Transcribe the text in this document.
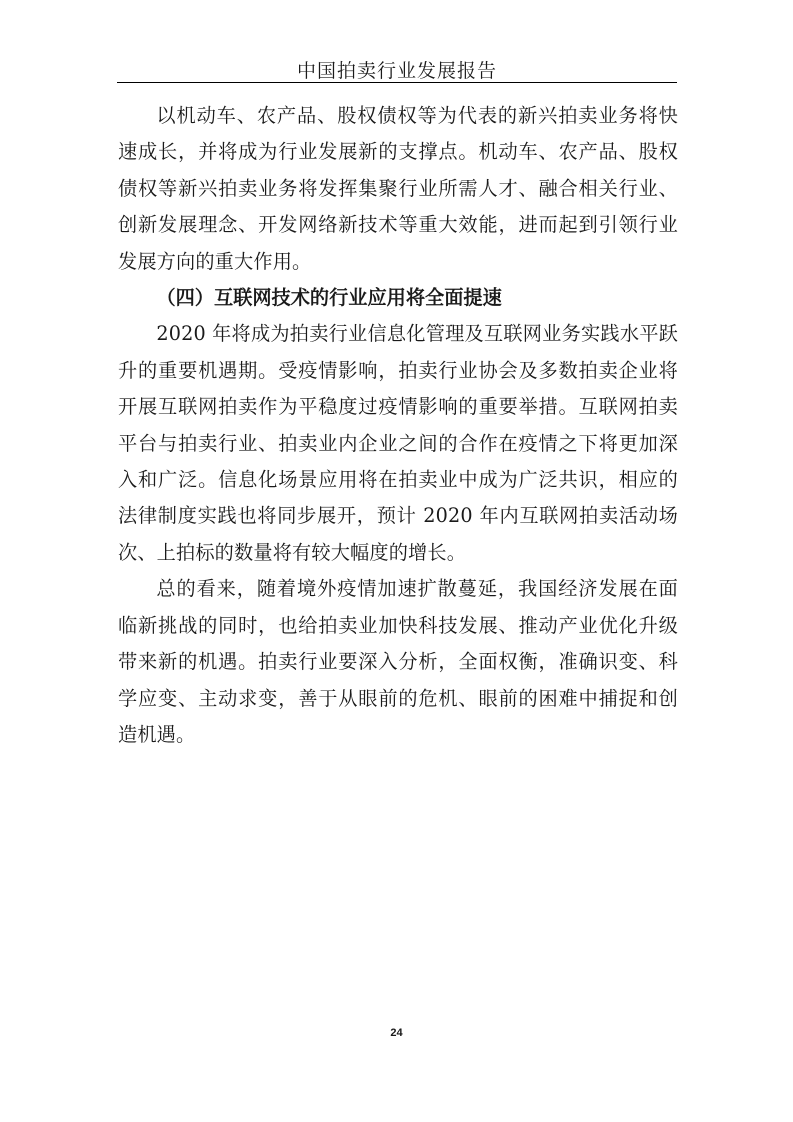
中国拍卖行业发展报告

以机动车、农产品、股权债权等为代表的新兴拍卖业务将快速成长，并将成为行业发展新的支撑点。机动车、农产品、股权债权等新兴拍卖业务将发挥集聚行业所需人才、融合相关行业、创新发展理念、开发网络新技术等重大效能，进而起到引领行业发展方向的重大作用。

（四）互联网技术的行业应用将全面提速

2020 年将成为拍卖行业信息化管理及互联网业务实践水平跃升的重要机遇期。受疫情影响，拍卖行业协会及多数拍卖企业将开展互联网拍卖作为平稳度过疫情影响的重要举措。互联网拍卖平台与拍卖行业、拍卖业内企业之间的合作在疫情之下将更加深入和广泛。信息化场景应用将在拍卖业中成为广泛共识，相应的法律制度实践也将同步展开，预计 2020 年内互联网拍卖活动场次、上拍标的数量将有较大幅度的增长。

总的看来，随着境外疫情加速扩散蔓延，我国经济发展在面临新挑战的同时，也给拍卖业加快科技发展、推动产业优化升级带来新的机遇。拍卖行业要深入分析，全面权衡，准确识变、科学应变、主动求变，善于从眼前的危机、眼前的困难中捕捉和创造机遇。

24
